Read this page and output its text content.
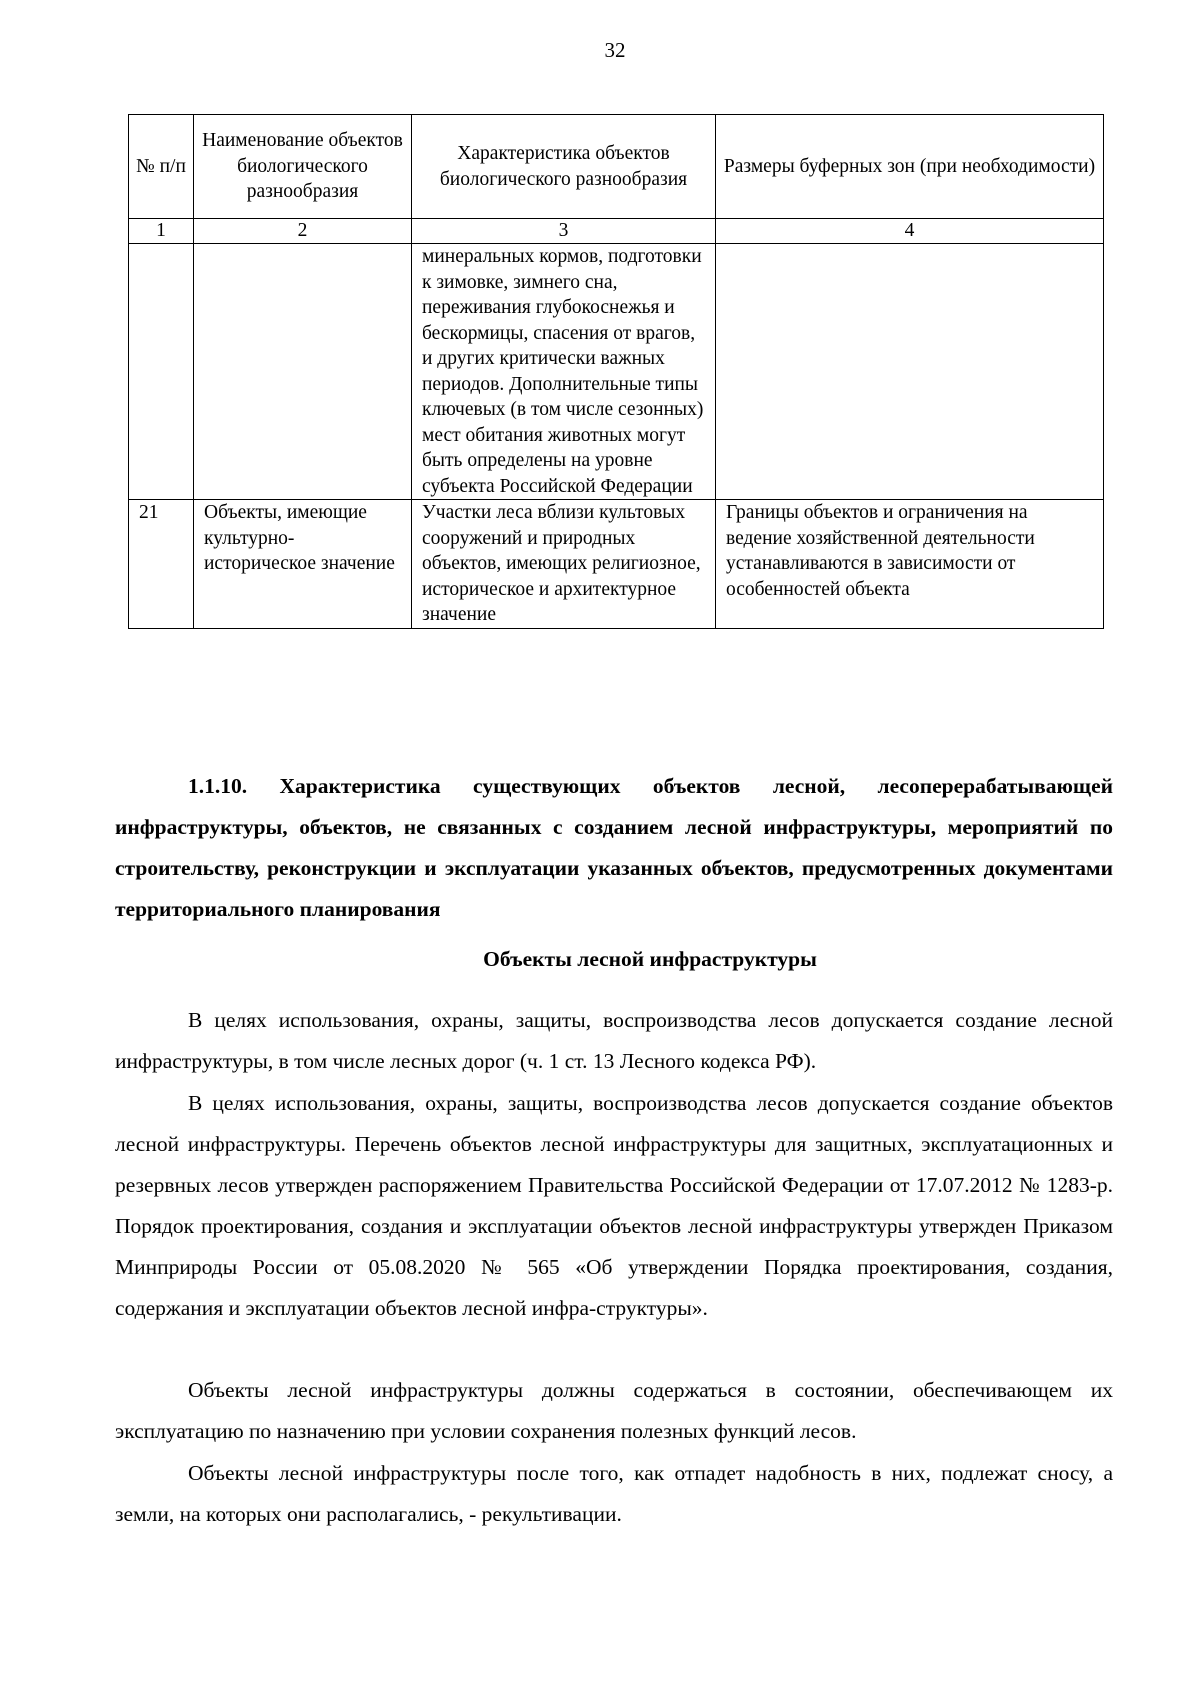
32
№ п/п	Наименование объектов биологического разнообразия	Характеристика объектов биологического разнообразия	Размеры буферных зон (при необходимости)
1	2	3	4
		минеральных кормов, подготовки к зимовке, зимнего сна, переживания глубокоснежья и бескормицы, спасения от врагов, и других критически важных периодов. Дополнительные типы ключевых (в том числе сезонных) мест обитания животных могут быть определены на уровне субъекта Российской Федерации	
21	Объекты, имеющие культурно-историческое значение	Участки леса вблизи культовых сооружений и природных объектов, имеющих религиозное, историческое и архитектурное значение	Границы объектов и ограничения на ведение хозяйственной деятельности устанавливаются в зависимости от особенностей объекта
1.1.10. Характеристика существующих объектов лесной, лесоперерабатывающей инфраструктуры, объектов, не связанных с созданием лесной инфраструктуры, мероприятий по строительству, реконструкции и эксплуатации указанных объектов, предусмотренных документами территориального планирования
Объекты лесной инфраструктуры

В целях использования, охраны, защиты, воспроизводства лесов допускается создание лесной инфраструктуры, в том числе лесных дорог (ч. 1 ст. 13 Лесного кодекса РФ).

В целях использования, охраны, защиты, воспроизводства лесов допускается создание объектов лесной инфраструктуры. Перечень объектов лесной инфраструктуры для защитных, эксплуатационных и резервных лесов утвержден распоряжением Правительства Российской Федерации от 17.07.2012 № 1283-р. Порядок проектирования, создания и эксплуатации объектов лесной инфраструктуры утвержден Приказом Минприроды России от 05.08.2020 № 565 «Об утверждении Порядка проектирования, создания, содержания и эксплуатации объектов лесной инфра-структуры».

Объекты лесной инфраструктуры должны содержаться в состоянии, обеспечивающем их эксплуатацию по назначению при условии сохранения полезных функций лесов.

Объекты лесной инфраструктуры после того, как отпадет надобность в них, подлежат сносу, а земли, на которых они располагались, - рекультивации.
